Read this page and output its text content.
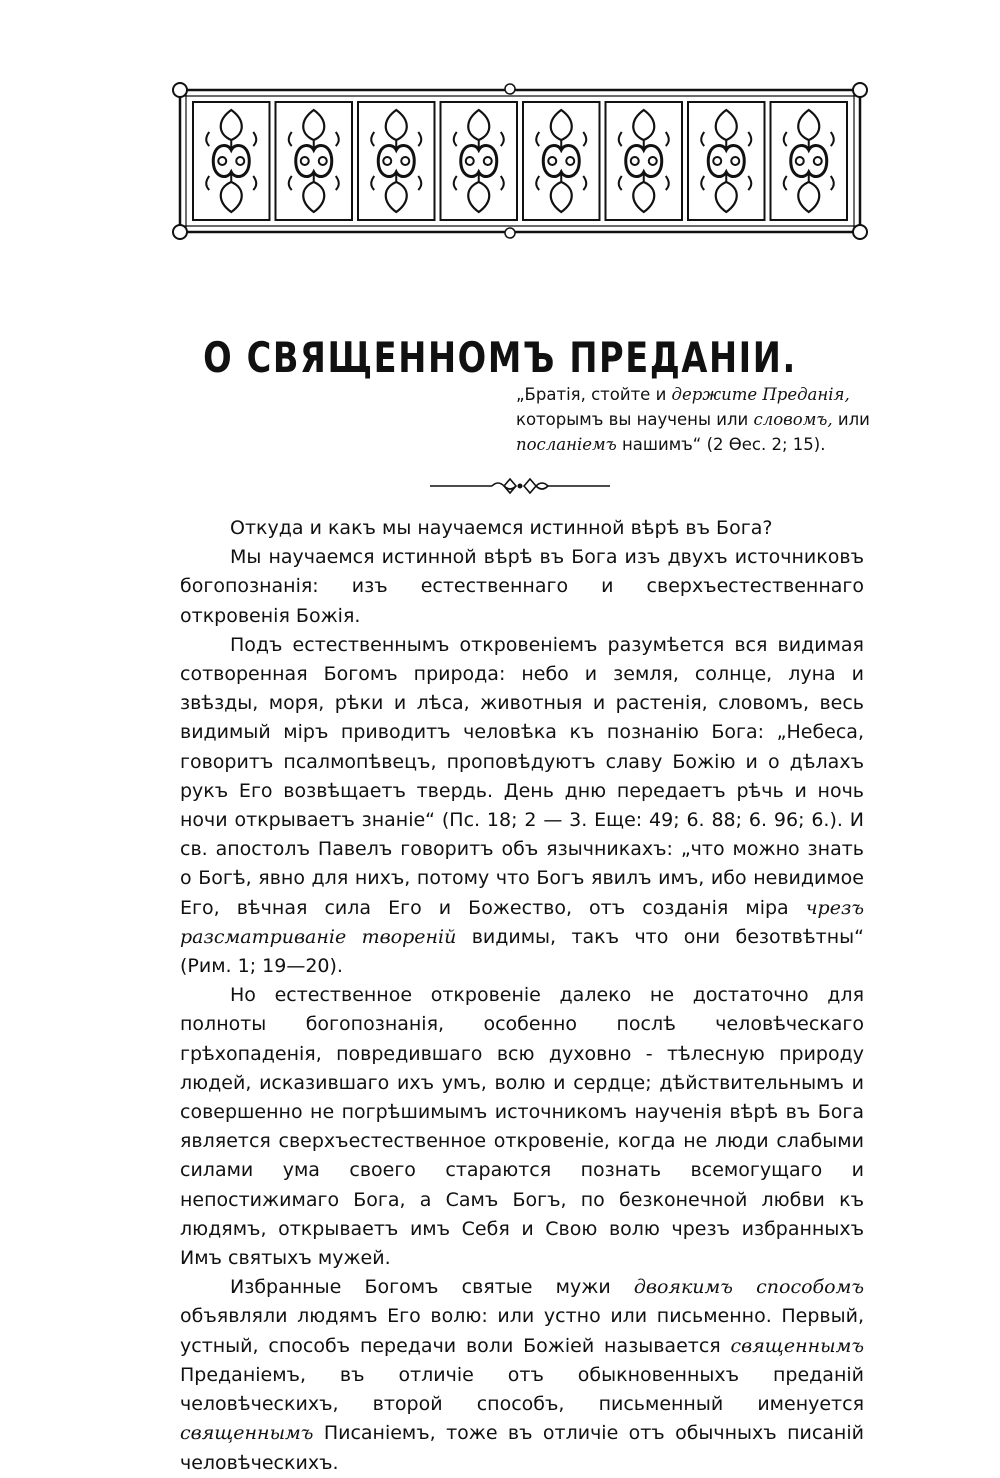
О СВЯЩЕННОМЪ ПРЕДАНІИ.
„Братія, стойте и держите Преданія,
которымъ вы научены или словомъ, или
посланіемъ нашимъ“ (2 Ѳес. 2; 15).

Откуда и какъ мы научаемся истинной вѣрѣ въ Бога?

Мы научаемся истинной вѣрѣ въ Бога изъ двухъ источниковъ богопознанія: изъ естественнаго и сверхъестественнаго откровенія Божія.

Подъ естественнымъ откровеніемъ разумѣется вся видимая сотворенная Богомъ природа: небо и земля, солнце, луна и звѣзды, моря, рѣки и лѣса, животныя и растенія, словомъ, весь видимый міръ приводитъ человѣка къ познанію Бога: „Небеса, говоритъ псалмопѣвецъ, проповѣдуютъ славу Божію и о дѣлахъ рукъ Его возвѣщаетъ твердь. День дню передаетъ рѣчь и ночь ночи открываетъ знаніе“ (Пс. 18; 2 — 3. Еще: 49; 6. 88; 6. 96; 6.). И св. апостолъ Павелъ говоритъ объ язычникахъ: „что можно знать о Богѣ, явно для нихъ, потому что Богъ явилъ имъ, ибо невидимое Его, вѣчная сила Его и Божество, отъ созданія міра чрезъ разсматриваніе твореній видимы, такъ что они безотвѣтны“ (Рим. 1; 19—20).

Но естественное откровеніе далеко не достаточно для полноты богопознанія, особенно послѣ человѣческаго грѣхопаденія, повредившаго всю духовно - тѣлесную природу людей, исказившаго ихъ умъ, волю и сердце; дѣйствительнымъ и совершенно не погрѣшимымъ источникомъ наученія вѣрѣ въ Бога является сверхъестественное откровеніе, когда не люди слабыми силами ума своего стараются познать всемогущаго и непостижимаго Бога, а Самъ Богъ, по безконечной любви къ людямъ, открываетъ имъ Себя и Свою волю чрезъ избранныхъ Имъ святыхъ мужей.

Избранные Богомъ святые мужи двоякимъ способомъ объявляли людямъ Его волю: или устно или письменно. Первый, устный, способъ передачи воли Божіей называется священнымъ Преданіемъ, въ отличіе отъ обыкновенныхъ преданій человѣческихъ, второй способъ, письменный именуется священнымъ Писаніемъ, тоже въ отличіе отъ обычныхъ писаній человѣческихъ.
